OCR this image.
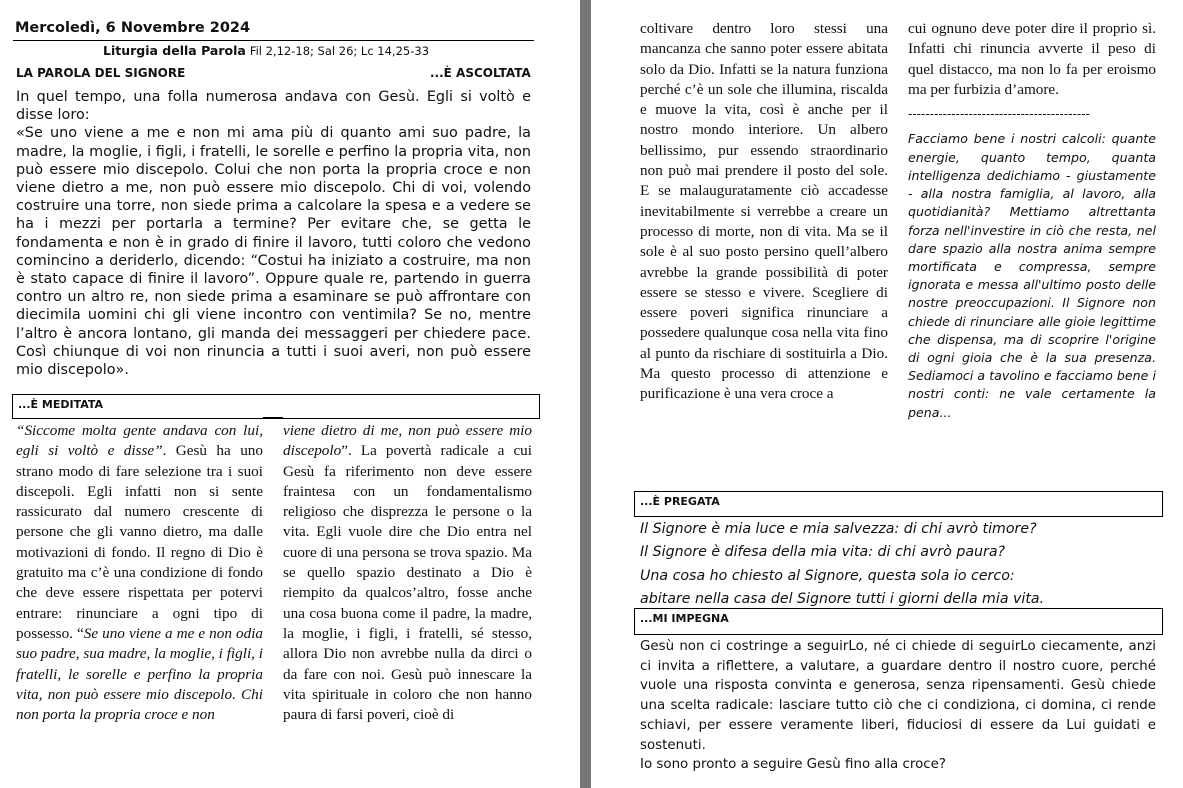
Mercoledì, 6 Novembre 2024
Liturgia della Parola Fil 2,12-18; Sal 26; Lc 14,25-33
LA PAROLA DEL SIGNORE	...È ASCOLTATA

In quel tempo, una folla numerosa andava con Gesù. Egli si voltò e disse loro:

«Se uno viene a me e non mi ama più di quanto ami suo padre, la madre, la moglie, i figli, i fratelli, le sorelle e perfino la propria vita, non può essere mio discepolo. Colui che non porta la propria croce e non viene dietro a me, non può essere mio discepolo. Chi di voi, volendo costruire una torre, non siede prima a calcolare la spesa e a vedere se ha i mezzi per portarla a termine? Per evitare che, se getta le fondamenta e non è in grado di finire il lavoro, tutti coloro che vedono comincino a deriderlo, dicendo: “Costui ha iniziato a costruire, ma non è stato capace di finire il lavoro”. Oppure quale re, partendo in guerra contro un altro re, non siede prima a esaminare se può affrontare con diecimila uomini chi gli viene incontro con ventimila? Se no, mentre l’altro è ancora lontano, gli manda dei messaggeri per chiedere pace. Così chiunque di voi non rinuncia a tutti i suoi averi, non può essere mio discepolo».

...È MEDITATA

“Siccome molta gente andava con lui, egli si voltò e disse”. Gesù ha uno strano modo di fare selezione tra i suoi discepoli. Egli infatti non si sente rassicurato dal numero crescente di persone che gli vanno dietro, ma dalle motivazioni di fondo. Il regno di Dio è gratuito ma c’è una condizione di fondo che deve essere rispettata per potervi entrare: rinunciare a ogni tipo di possesso. “Se uno viene a me e non odia suo padre, sua madre, la moglie, i figli, i fratelli, le sorelle e perfino la propria vita, non può essere mio discepolo. Chi non porta la propria croce e non

viene dietro di me, non può essere mio discepolo”. La povertà radicale a cui Gesù fa riferimento non deve essere fraintesa con un fondamentalismo religioso che disprezza le persone o la vita. Egli vuole dire che Dio entra nel cuore di una persona se trova spazio. Ma se quello spazio destinato a Dio è riempito da qualcos’altro, fosse anche una cosa buona come il padre, la madre, la moglie, i figli, i fratelli, sé stesso, allora Dio non avrebbe nulla da dirci o da fare con noi. Gesù può innescare la vita spirituale in coloro che non hanno paura di farsi poveri, cioè di

coltivare dentro loro stessi una mancanza che sanno poter essere abitata solo da Dio. Infatti se la natura funziona perché c’è un sole che illumina, riscalda e muove la vita, così è anche per il nostro mondo interiore. Un albero bellissimo, pur essendo straordinario non può mai prendere il posto del sole. E se malauguratamente ciò accadesse inevitabilmente si verrebbe a creare un processo di morte, non di vita. Ma se il sole è al suo posto persino quell’albero avrebbe la grande possibilità di poter essere se stesso e vivere. Scegliere di essere poveri significa rinunciare a possedere qualunque cosa nella vita fino al punto da rischiare di sostituirla a Dio. Ma questo processo di attenzione e purificazione è una vera croce a

cui ognuno deve poter dire il proprio sì. Infatti chi rinuncia avverte il peso di quel distacco, ma non lo fa per eroismo ma per furbizia d’amore.

------------------------------------------
Facciamo bene i nostri calcoli: quante energie, quanto tempo, quanta intelligenza dedichiamo - giustamente - alla nostra famiglia, al lavoro, alla quotidianità? Mettiamo altrettanta forza nell'investire in ciò che resta, nel dare spazio alla nostra anima sempre mortificata e compressa, sempre ignorata e messa all'ultimo posto delle nostre preoccupazioni. Il Signore non chiede di rinunciare alle gioie legittime che dispensa, ma di scoprire l'origine di ogni gioia che è la sua presenza. Sediamoci a tavolino e facciamo bene i nostri conti: ne vale certamente la pena...
...È PREGATA
Il Signore è mia luce e mia salvezza: di chi avrò timore?
Il Signore è difesa della mia vita: di chi avrò paura?
Una cosa ho chiesto al Signore, questa sola io cerco:
abitare nella casa del Signore tutti i giorni della mia vita.
...MI IMPEGNA

Gesù non ci costringe a seguirLo, né ci chiede di seguirLo ciecamente, anzi ci invita a riflettere, a valutare, a guardare dentro il nostro cuore, perché vuole una risposta convinta e generosa, senza ripensamenti. Gesù chiede una scelta radicale: lasciare tutto ciò che ci condiziona, ci domina, ci rende schiavi, per essere veramente liberi, fiduciosi di essere da Lui guidati e sostenuti.

Io sono pronto a seguire Gesù fino alla croce?
